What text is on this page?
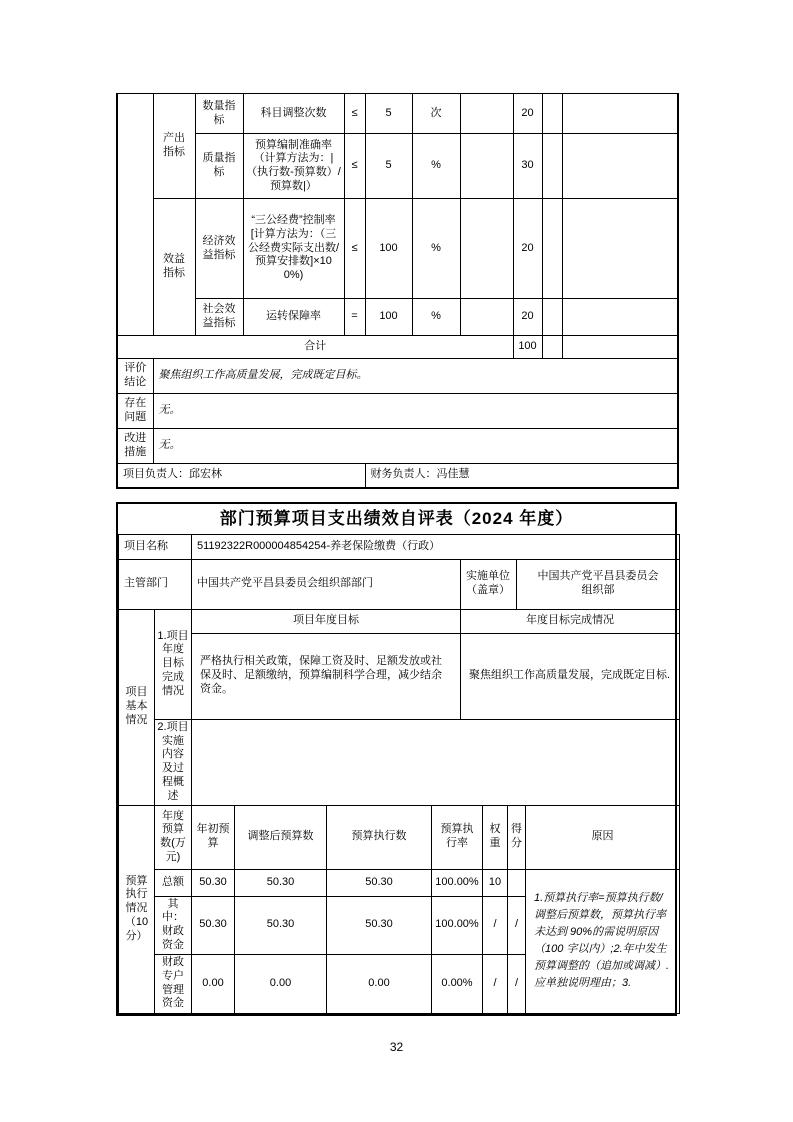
	产出指标	数量指标	科目调整次数	≤	5	次		20		
		质量指标	预算编制准确率（计算方法为：|（执行数-预算数）/预算数|）	≤	5	%		30		
	效益指标	经济效益指标	“三公经费”控制率[计算方法为：（三公经费实际支出数/预算安排数]×100%)	≤	100	%		20		
		社会效益指标	运转保障率	=	100	%		20		
合计								100		
评价结论	聚焦组织工作高质量发展，完成既定目标。									
存在问题	无。									
改进措施	无。									
项目负责人：邱宏林					财务负责人：冯佳慧					
部门预算项目支出绩效自评表（2024 年度）
项目名称	51192322R000004854254-养老保险缴费（行政）
主管部门	中国共产党平昌县委员会组织部部门	实施单位（盖章）	中国共产党平昌县委员会组织部
项目基本情况	1.项目年度目标完成情况	项目年度目标	年度目标完成情况
		严格执行相关政策，保障工资及时、足额发放或社保及时、足额缴纳，预算编制科学合理，减少结余资金。	聚焦组织工作高质量发展，完成既定目标.
	2.项目实施内容及过程概述		
预算执行情况（10 分）	年度预算数(万元)	年初预算	调整后预算数	预算执行数	预算执行率	权重	得分	原因
	总额	50.30	50.30	50.30	100.00%	10		1.预算执行率=预算执行数/调整后预算数，预算执行率未达到 90%的需说明原因（100 字以内）;2.年中发生预算调整的（追加或调减）.应单独说明理由；3.
	其中：财政资金	50.30	50.30	50.30	100.00%	/	/	
	财政专户管理资金	0.00	0.00	0.00	0.00%	/	/	
32
